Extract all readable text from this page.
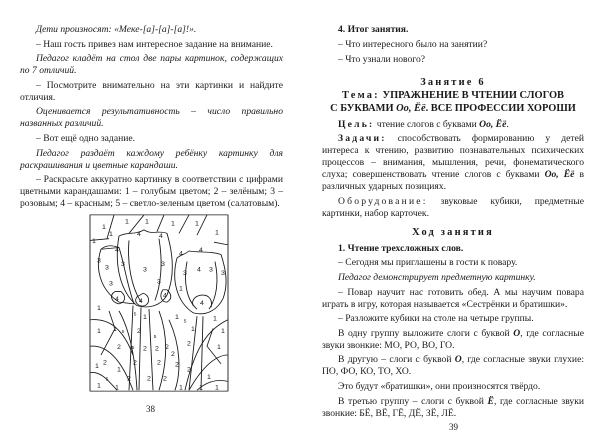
Дети произносят: «Меке-[а]-[а]-[а]!».

– Наш гость привез нам интересное задание на внимание.

Педагог кладёт на стол две пары картинок, содержащих по 7 отличий.

– Посмотрите внимательно на эти картинки и найдите отличия.

Оценивается результативность – число правильно названных различий.

– Вот ещё одно задание.

Педагог раздаёт каждому ребёнку картинку для раскрашивания и цветные карандаши.

– Раскрасьте аккуратно картинку в соответствии с цифрами цветными карандашами: 1 – голубым цветом; 2 – зелёным; 3 – розовым; 4 – красным; 5 – светло-зеленым цветом (салатовым).

1
1 1	1	1
1
1
1
4
4	4
4
4
3
3
3
3
3	3
3
3
3
3
4
4	4
4
4
1
1
1 1
1	1
1
1
1
1
5
5
5
5
5
5
2
2
2
2
2
2 2
2
2
2
2
2
2
2
2
1
1 1	1 1 1
1
1
38

4. Итог занятия.

– Что интересного было на занятии?

– Что узнали нового?

Занятие 6

Тема: УПРАЖНЕНИЕ В ЧТЕНИИ СЛОГОВ

С БУКВАМИ Оо, Ёё. ВСЕ ПРОФЕССИИ ХОРОШИ

Цель: чтение слогов с буквами Оо, Ёё.

Задачи: способствовать формированию у детей интереса к чтению, развитию познавательных психических процессов – внимания, мышления, речи, фонематического слуха; совершенствовать чтение слогов с буквами Оо, Ёё в различных ударных позициях.

Оборудование: звуковые кубики, предметные картинки, набор карточек.

Ход занятия

1. Чтение трехсложных слов.

– Сегодня мы приглашены в гости к повару.

Педагог демонстрирует предметную картинку.

– Повар научит нас готовить обед. А мы научим повара играть в игру, которая называется «Сестрёнки и братишки».

– Разложите кубики на столе на четыре группы.

В одну группу выложите слоги с буквой О, где согласные звуки звонкие: МО, РО, ВО, ГО.

В другую – слоги с буквой О, где согласные звуки глухие: ПО, ФО, КО, ТО, ХО.

Это будут «братишки», они произносятся твёрдо.

В третью группу – слоги с буквой Ё, где согласные звуки звонкие: БЁ, ВЁ, ГЁ, ДЁ, ЗЁ, ЛЁ.

39
